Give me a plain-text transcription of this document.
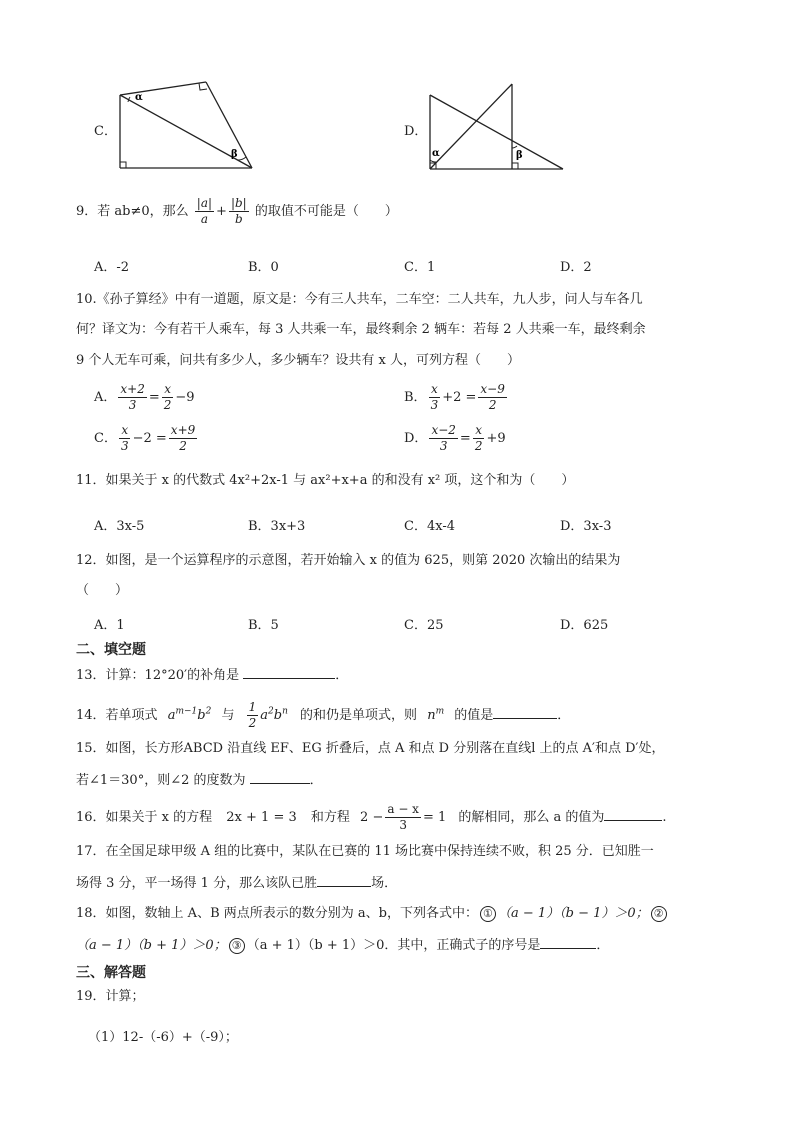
C．
α
β
D．
α	β
9．若 ab≠0，那么 $\frac{|a|}{a} + \frac{|b|}{b}$ 的取值不可能是（　　）
A．-2	B．0	C．1	D．2
10.《孙子算经》中有一道题，原文是：今有三人共车，二车空：二人共车，九人步，问人与车各几
何？译文为：今有若干人乘车，每 3 人共乘一车，最终剩余 2 辆车：若每 2 人共乘一车，最终剩余
9 个人无车可乘，问共有多少人，多少辆车？设共有 x 人，可列方程（　　）
A． $\frac{x+2}{3} = \frac{x}{2} -9$	B． $\frac{x}{3} +2 = \frac{x-9}{2}$
C． $\frac{x}{3} -2 = \frac{x+9}{2}$	D． $\frac{x-2}{3} = \frac{x}{2} +9$
11．如果关于 x 的代数式 4x²+2x-1 与 ax²+x+a 的和没有 x² 项，这个和为（　　）
A．3x-5	B．3x+3	C．4x-4	D．3x-3
12．如图，是一个运算程序的示意图，若开始输入 x 的值为 625，则第 2020 次输出的结果为
（　　）
A．1	B．5	C．25	D．625
二、填空题
13．计算：12°20′的补角是	．
14．若单项式 $a^{m-1}b^2$ 与 $\frac{1}{2} a^2b^n$ 的和仍是单项式，则 $n^m$ 的值是	．
15．如图，长方形ABCD 沿直线 EF、EG 折叠后，点 A 和点 D 分别落在直线l 上的点 A′和点 D′处，
若∠1＝30°，则∠2 的度数为	．
16．如果关于 x 的方程 2x + 1 = 3 和方程 $2 - \frac{a - x}{3} = 1$ 的解相同，那么 a 的值为	.
17．在全国足球甲级 A 组的比赛中，某队在已赛的 11 场比赛中保持连续不败，积 25 分．已知胜一
场得 3 分，平一场得 1 分，那么该队已胜	场．
18．如图，数轴上 A、B 两点所表示的数分别为 a、b，下列各式中： ① （a − 1）（b − 1）＞0； ②
（a − 1）（b + 1）＞0； ③ （a + 1）（b + 1）＞0．其中，正确式子的序号是	．
三、解答题
19．计算；
（1）12-（-6）+（-9）；
